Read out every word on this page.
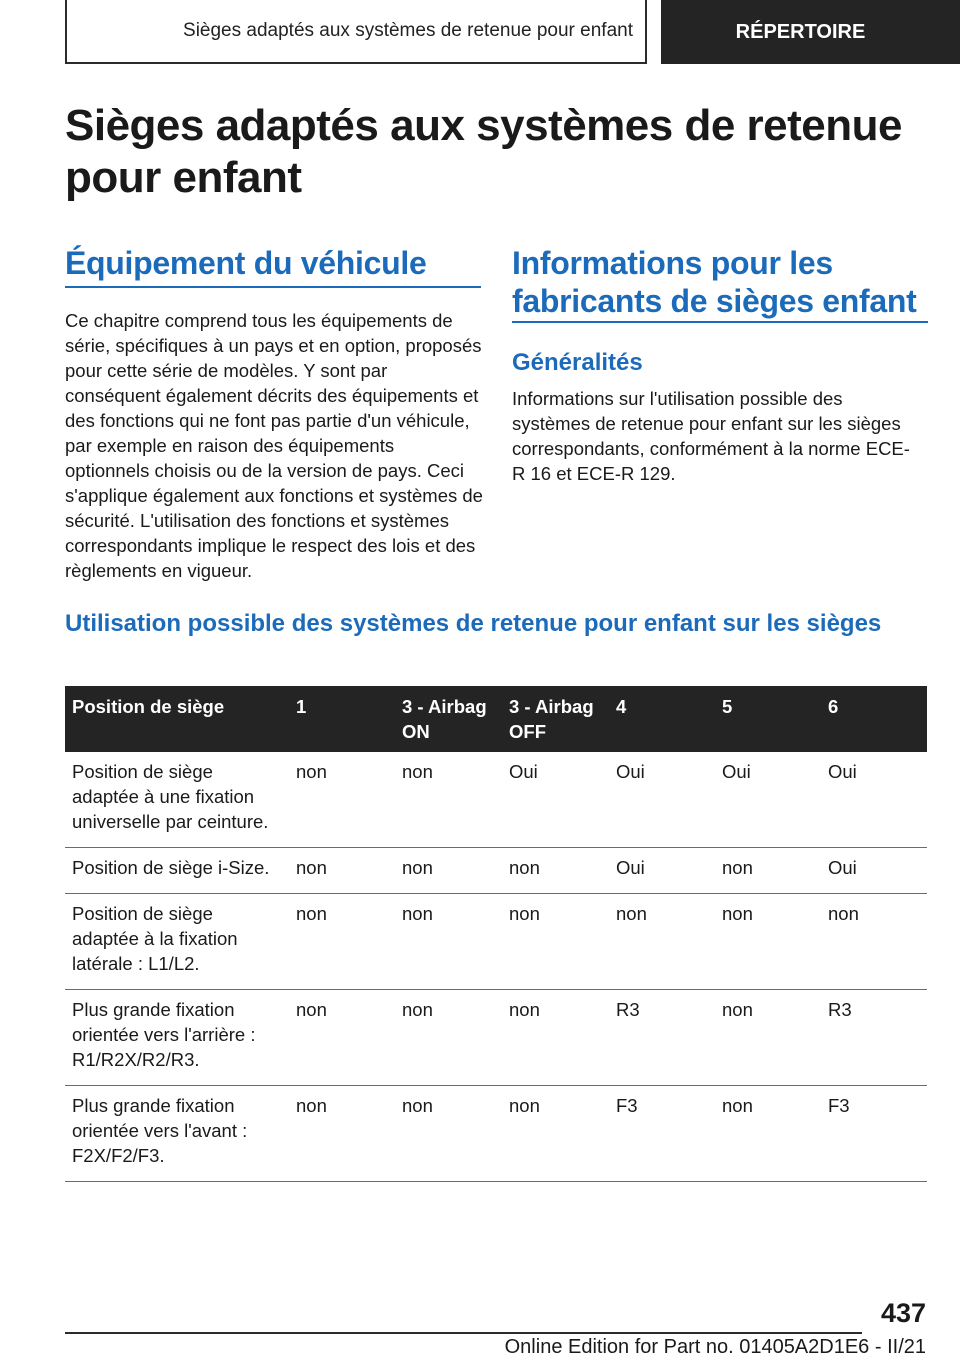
Sièges adaptés aux systèmes de retenue pour enfant	RÉPERTOIRE
Sièges adaptés aux systèmes de retenue pour enfant
Équipement du véhicule

Ce chapitre comprend tous les équipements de série, spécifiques à un pays et en option, proposés pour cette série de modèles. Y sont par conséquent également décrits des équipements et des fonctions qui ne font pas partie d'un véhicule, par exemple en raison des équipements optionnels choisis ou de la version de pays. Ceci s'applique également aux fonctions et systèmes de sécurité. L'utilisation des fonctions et systèmes correspondants implique le respect des lois et des règlements en vigueur.

Informations pour les fabricants de sièges enfant
Généralités

Informations sur l'utilisation possible des systèmes de retenue pour enfant sur les sièges correspondants, conformément à la norme ECE-R 16 et ECE-R 129.

Utilisation possible des systèmes de retenue pour enfant sur les sièges
Position de siège	1	3 - Airbag ON	3 - Airbag OFF	4	5	6
Position de siège adaptée à une fixation universelle par ceinture.	non	non	Oui	Oui	Oui	Oui
Position de siège i-Size.	non	non	non	Oui	non	Oui
Position de siège adaptée à la fixation latérale : L1/L2.	non	non	non	non	non	non
Plus grande fixation orientée vers l'arrière : R1/R2X/R2/R3.	non	non	non	R3	non	R3
Plus grande fixation orientée vers l'avant : F2X/F2/F3.	non	non	non	F3	non	F3
437
Online Edition for Part no. 01405A2D1E6 - II/21
